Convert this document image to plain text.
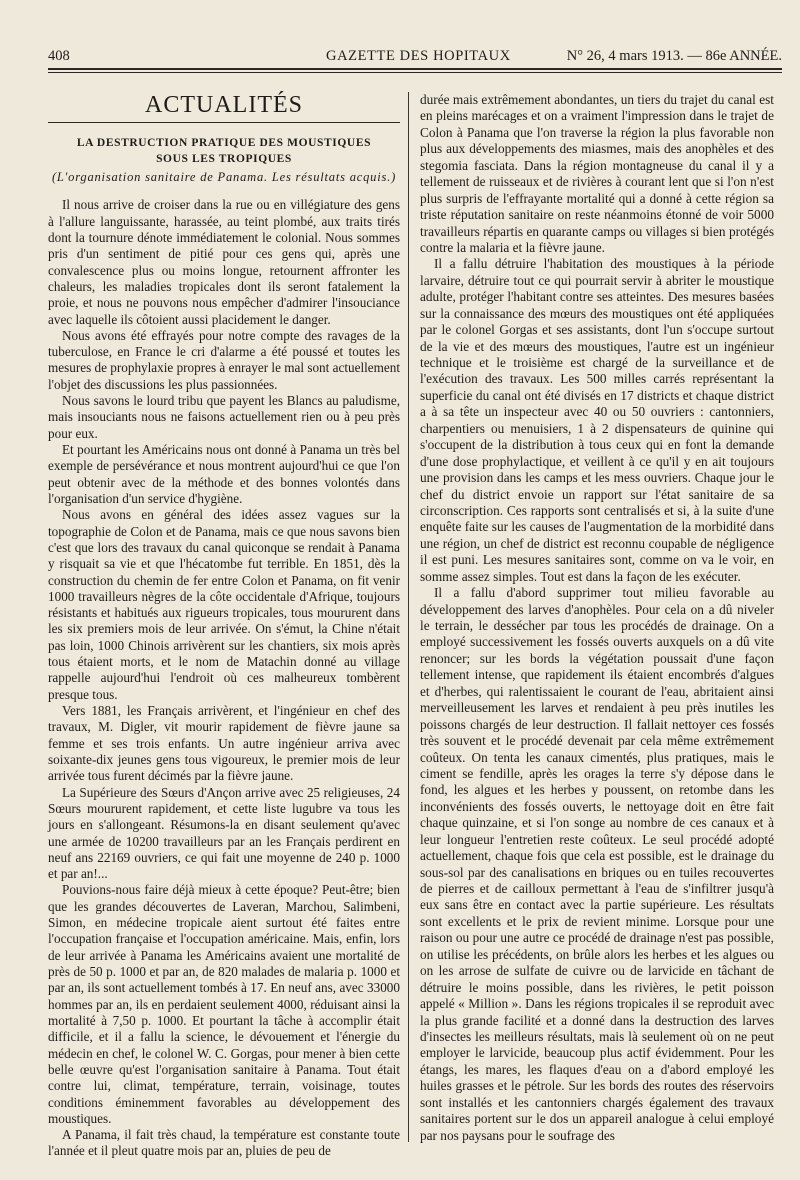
408	GAZETTE DES HOPITAUX	N° 26, 4 mars 1913. — 86e ANNÉE.
ACTUALITÉS
LA DESTRUCTION PRATIQUE DES MOUSTIQUES
SOUS LES TROPIQUES
(L'organisation sanitaire de Panama. Les résultats acquis.)

Il nous arrive de croiser dans la rue ou en villégiature des gens à l'allure languissante, harassée, au teint plombé, aux traits tirés dont la tournure dénote immédiatement le colonial. Nous sommes pris d'un sentiment de pitié pour ces gens qui, après une convalescence plus ou moins longue, retournent affronter les chaleurs, les maladies tropicales dont ils seront fatalement la proie, et nous ne pouvons nous empêcher d'admirer l'insouciance avec laquelle ils côtoient aussi placidement le danger.

Nous avons été effrayés pour notre compte des ravages de la tuberculose, en France le cri d'alarme a été poussé et toutes les mesures de prophylaxie propres à enrayer le mal sont actuellement l'objet des discussions les plus passionnées.

Nous savons le lourd tribu que payent les Blancs au paludisme, mais insouciants nous ne faisons actuellement rien ou à peu près pour eux.

Et pourtant les Américains nous ont donné à Panama un très bel exemple de persévérance et nous montrent aujourd'hui ce que l'on peut obtenir avec de la méthode et des bonnes volontés dans l'organisation d'un service d'hygiène.

Nous avons en général des idées assez vagues sur la topographie de Colon et de Panama, mais ce que nous savons bien c'est que lors des travaux du canal quiconque se rendait à Panama y risquait sa vie et que l'hécatombe fut terrible. En 1851, dès la construction du chemin de fer entre Colon et Panama, on fit venir 1000 travailleurs nègres de la côte occidentale d'Afrique, toujours résistants et habitués aux rigueurs tropicales, tous moururent dans les six premiers mois de leur arrivée. On s'émut, la Chine n'était pas loin, 1000 Chinois arrivèrent sur les chantiers, six mois après tous étaient morts, et le nom de Matachin donné au village rappelle aujourd'hui l'endroit où ces malheureux tombèrent presque tous.

Vers 1881, les Français arrivèrent, et l'ingénieur en chef des travaux, M. Digler, vit mourir rapidement de fièvre jaune sa femme et ses trois enfants. Un autre ingénieur arriva avec soixante-dix jeunes gens tous vigoureux, le premier mois de leur arrivée tous furent décimés par la fièvre jaune.

La Supérieure des Sœurs d'Ançon arrive avec 25 religieuses, 24 Sœurs moururent rapidement, et cette liste lugubre va tous les jours en s'allongeant. Résumons-la en disant seulement qu'avec une armée de 10200 travailleurs par an les Français perdirent en neuf ans 22169 ouvriers, ce qui fait une moyenne de 240 p. 1000 et par an!...

Pouvions-nous faire déjà mieux à cette époque? Peut-être; bien que les grandes découvertes de Laveran, Marchou, Salimbeni, Simon, en médecine tropicale aient surtout été faites entre l'occupation française et l'occupation américaine. Mais, enfin, lors de leur arrivée à Panama les Américains avaient une mortalité de près de 50 p. 1000 et par an, de 820 malades de malaria p. 1000 et par an, ils sont actuellement tombés à 17. En neuf ans, avec 33000 hommes par an, ils en perdaient seulement 4000, réduisant ainsi la mortalité à 7,50 p. 1000. Et pourtant la tâche à accomplir était difficile, et il a fallu la science, le dévouement et l'énergie du médecin en chef, le colonel W. C. Gorgas, pour mener à bien cette belle œuvre qu'est l'organisation sanitaire à Panama. Tout était contre lui, climat, température, terrain, voisinage, toutes conditions éminemment favorables au développement des moustiques.

A Panama, il fait très chaud, la température est constante toute l'année et il pleut quatre mois par an, pluies de peu de

durée mais extrêmement abondantes, un tiers du trajet du canal est en pleins marécages et on a vraiment l'impression dans le trajet de Colon à Panama que l'on traverse la région la plus favorable non plus aux développements des miasmes, mais des anophèles et des stegomia fasciata. Dans la région montagneuse du canal il y a tellement de ruisseaux et de rivières à courant lent que si l'on n'est plus surpris de l'effrayante mortalité qui a donné à cette région sa triste réputation sanitaire on reste néanmoins étonné de voir 5000 travailleurs répartis en quarante camps ou villages si bien protégés contre la malaria et la fièvre jaune.

Il a fallu détruire l'habitation des moustiques à la période larvaire, détruire tout ce qui pourrait servir à abriter le moustique adulte, protéger l'habitant contre ses atteintes. Des mesures basées sur la connaissance des mœurs des moustiques ont été appliquées par le colonel Gorgas et ses assistants, dont l'un s'occupe surtout de la vie et des mœurs des moustiques, l'autre est un ingénieur technique et le troisième est chargé de la surveillance et de l'exécution des travaux. Les 500 milles carrés représentant la superficie du canal ont été divisés en 17 districts et chaque district a à sa tête un inspecteur avec 40 ou 50 ouvriers : cantonniers, charpentiers ou menuisiers, 1 à 2 dispensateurs de quinine qui s'occupent de la distribution à tous ceux qui en font la demande d'une dose prophylactique, et veillent à ce qu'il y en ait toujours une provision dans les camps et les mess ouvriers. Chaque jour le chef du district envoie un rapport sur l'état sanitaire de sa circonscription. Ces rapports sont centralisés et si, à la suite d'une enquête faite sur les causes de l'augmentation de la morbidité dans une région, un chef de district est reconnu coupable de négligence il est puni. Les mesures sanitaires sont, comme on va le voir, en somme assez simples. Tout est dans la façon de les exécuter.

Il a fallu d'abord supprimer tout milieu favorable au développement des larves d'anophèles. Pour cela on a dû niveler le terrain, le dessécher par tous les procédés de drainage. On a employé successivement les fossés ouverts auxquels on a dû vite renoncer; sur les bords la végétation poussait d'une façon tellement intense, que rapidement ils étaient encombrés d'algues et d'herbes, qui ralentissaient le courant de l'eau, abritaient ainsi merveilleusement les larves et rendaient à peu près inutiles les poissons chargés de leur destruction. Il fallait nettoyer ces fossés très souvent et le procédé devenait par cela même extrêmement coûteux. On tenta les canaux cimentés, plus pratiques, mais le ciment se fendille, après les orages la terre s'y dépose dans le fond, les algues et les herbes y poussent, on retombe dans les inconvénients des fossés ouverts, le nettoyage doit en être fait chaque quinzaine, et si l'on songe au nombre de ces canaux et à leur longueur l'entretien reste coûteux. Le seul procédé adopté actuellement, chaque fois que cela est possible, est le drainage du sous-sol par des canalisations en briques ou en tuiles recouvertes de pierres et de cailloux permettant à l'eau de s'infiltrer jusqu'à eux sans être en contact avec la partie supérieure. Les résultats sont excellents et le prix de revient minime. Lorsque pour une raison ou pour une autre ce procédé de drainage n'est pas possible, on utilise les précédents, on brûle alors les herbes et les algues ou on les arrose de sulfate de cuivre ou de larvicide en tâchant de détruire le moins possible, dans les rivières, le petit poisson appelé « Million ». Dans les régions tropicales il se reproduit avec la plus grande facilité et a donné dans la destruction des larves d'insectes les meilleurs résultats, mais là seulement où on ne peut employer le larvicide, beaucoup plus actif évidemment. Pour les étangs, les mares, les flaques d'eau on a d'abord employé les huiles grasses et le pétrole. Sur les bords des routes des réservoirs sont installés et les cantonniers chargés également des travaux sanitaires portent sur le dos un appareil analogue à celui employé par nos paysans pour le soufrage des
